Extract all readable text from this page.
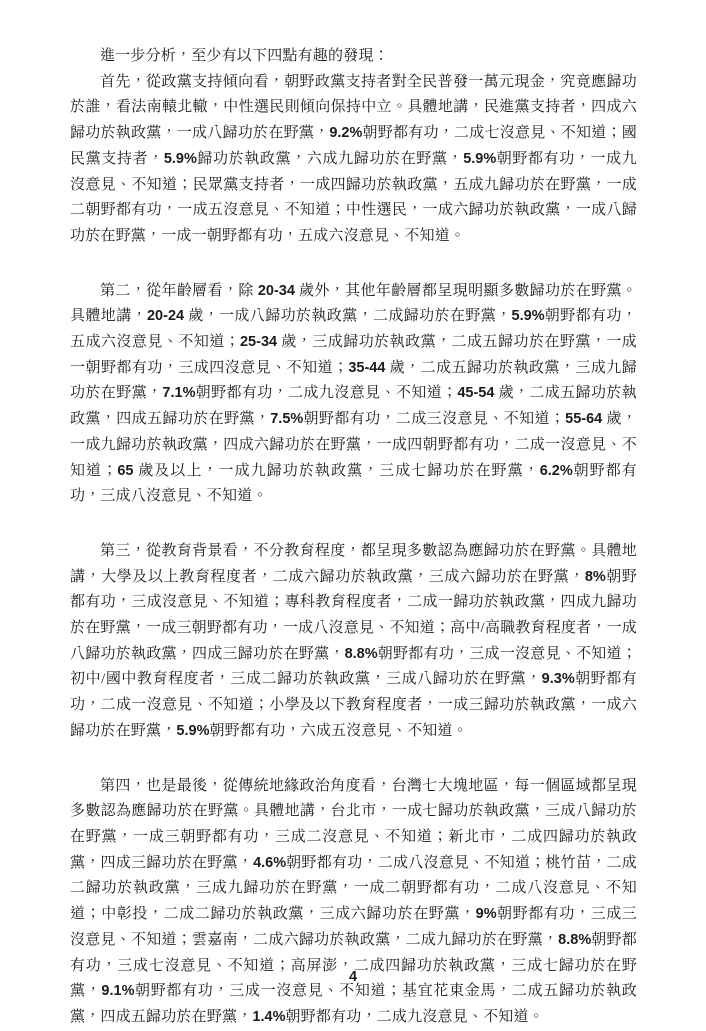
進一步分析，至少有以下四點有趣的發現：

首先，從政黨支持傾向看，朝野政黨支持者對全民普發一萬元現金，究竟應歸功於誰，看法南轅北轍，中性選民則傾向保持中立。具體地講，民進黨支持者，四成六歸功於執政黨，一成八歸功於在野黨，9.2%朝野都有功，二成七沒意見、不知道；國民黨支持者，5.9%歸功於執政黨，六成九歸功於在野黨，5.9%朝野都有功，一成九沒意見、不知道；民眾黨支持者，一成四歸功於執政黨，五成九歸功於在野黨，一成二朝野都有功，一成五沒意見、不知道；中性選民，一成六歸功於執政黨，一成八歸功於在野黨，一成一朝野都有功，五成六沒意見、不知道。

第二，從年齡層看，除 20-34 歲外，其他年齡層都呈現明顯多數歸功於在野黨。具體地講，20-24 歲，一成八歸功於執政黨，二成歸功於在野黨，5.9%朝野都有功，五成六沒意見、不知道；25-34 歲，三成歸功於執政黨，二成五歸功於在野黨，一成一朝野都有功，三成四沒意見、不知道；35-44 歲，二成五歸功於執政黨，三成九歸功於在野黨，7.1%朝野都有功，二成九沒意見、不知道；45-54 歲，二成五歸功於執政黨，四成五歸功於在野黨，7.5%朝野都有功，二成三沒意見、不知道；55-64 歲，一成九歸功於執政黨，四成六歸功於在野黨，一成四朝野都有功，二成一沒意見、不知道；65 歲及以上，一成九歸功於執政黨，三成七歸功於在野黨，6.2%朝野都有功，三成八沒意見、不知道。

第三，從教育背景看，不分教育程度，都呈現多數認為應歸功於在野黨。具體地講，大學及以上教育程度者，二成六歸功於執政黨，三成六歸功於在野黨，8%朝野都有功，三成沒意見、不知道；專科教育程度者，二成一歸功於執政黨，四成九歸功於在野黨，一成三朝野都有功，一成八沒意見、不知道；高中/高職教育程度者，一成八歸功於執政黨，四成三歸功於在野黨，8.8%朝野都有功，三成一沒意見、不知道；初中/國中教育程度者，三成二歸功於執政黨，三成八歸功於在野黨，9.3%朝野都有功，二成一沒意見、不知道；小學及以下教育程度者，一成三歸功於執政黨，一成六歸功於在野黨，5.9%朝野都有功，六成五沒意見、不知道。

第四，也是最後，從傳統地緣政治角度看，台灣七大塊地區，每一個區域都呈現多數認為應歸功於在野黨。具體地講，台北市，一成七歸功於執政黨，三成八歸功於在野黨，一成三朝野都有功，三成二沒意見、不知道；新北市，二成四歸功於執政黨，四成三歸功於在野黨，4.6%朝野都有功，二成八沒意見、不知道；桃竹苗，二成二歸功於執政黨，三成九歸功於在野黨，一成二朝野都有功，二成八沒意見、不知道；中彰投，二成二歸功於執政黨，三成六歸功於在野黨，9%朝野都有功，三成三沒意見、不知道；雲嘉南，二成六歸功於執政黨，二成九歸功於在野黨，8.8%朝野都有功，三成七沒意見、不知道；高屏澎，二成四歸功於執政黨，三成七歸功於在野黨，9.1%朝野都有功，三成一沒意見、不知道；基宜花東金馬，二成五歸功於執政黨，四成五歸功於在野黨，1.4%朝野都有功，二成九沒意見、不知道。

4
